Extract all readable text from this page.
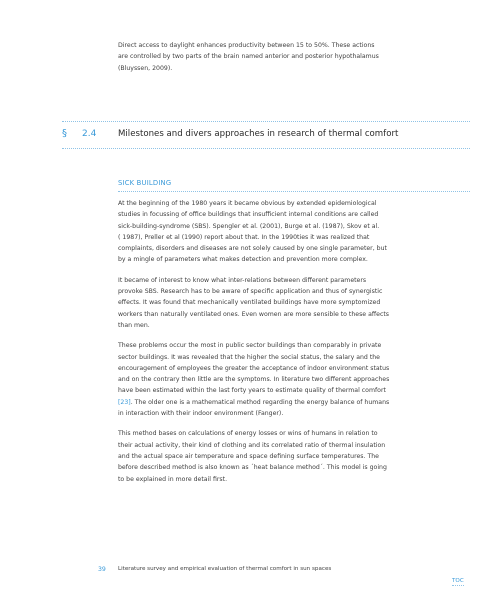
Direct access to daylight enhances productivity between 15 to 50%. These actions

are controlled by two parts of the brain named anterior and posterior hypothalamus

(Bluyssen, 2009).

§ 2.4	Milestones and divers approaches in research of thermal comfort
SICK BUILDING

At the beginning of the 1980 years it became obvious by extended epidemiological
studies in focussing of office buildings that insufficient internal conditions are called
sick-building-syndrome (SBS). Spengler et al. (2001), Burge et al. (1987), Skov et al.
( 1987), Preller et al (1990) report about that. In the 1990ties it was realized that
complaints, disorders and diseases are not solely caused by one single parameter, but
by a mingle of parameters what makes detection and prevention more complex.

It became of interest to know what inter-relations between different parameters
provoke SBS. Research has to be aware of specific application and thus of synergistic
effects. It was found that mechanically ventilated buildings have more symptomized
workers than naturally ventilated ones. Even women are more sensible to these affects
than men.

These problems occur the most in public sector buildings than comparably in private
sector buildings. It was revealed that the higher the social status, the salary and the
encouragement of employees the greater the acceptance of indoor environment status
and on the contrary then little are the symptoms. In literature two different approaches
have been estimated within the last forty years to estimate quality of thermal comfort
[23]. The older one is a mathematical method regarding the energy balance of humans
in interaction with their indoor environment (Fanger).

This method bases on calculations of energy losses or wins of humans in relation to
their actual activity, their kind of clothing and its correlated ratio of thermal insulation
and the actual space air temperature and space defining surface temperatures. The
before described method is also known as ´heat balance method´. This model is going
to be explained in more detail first.

39 Literature survey and empirical evaluation of thermal comfort in sun spaces
TOC
